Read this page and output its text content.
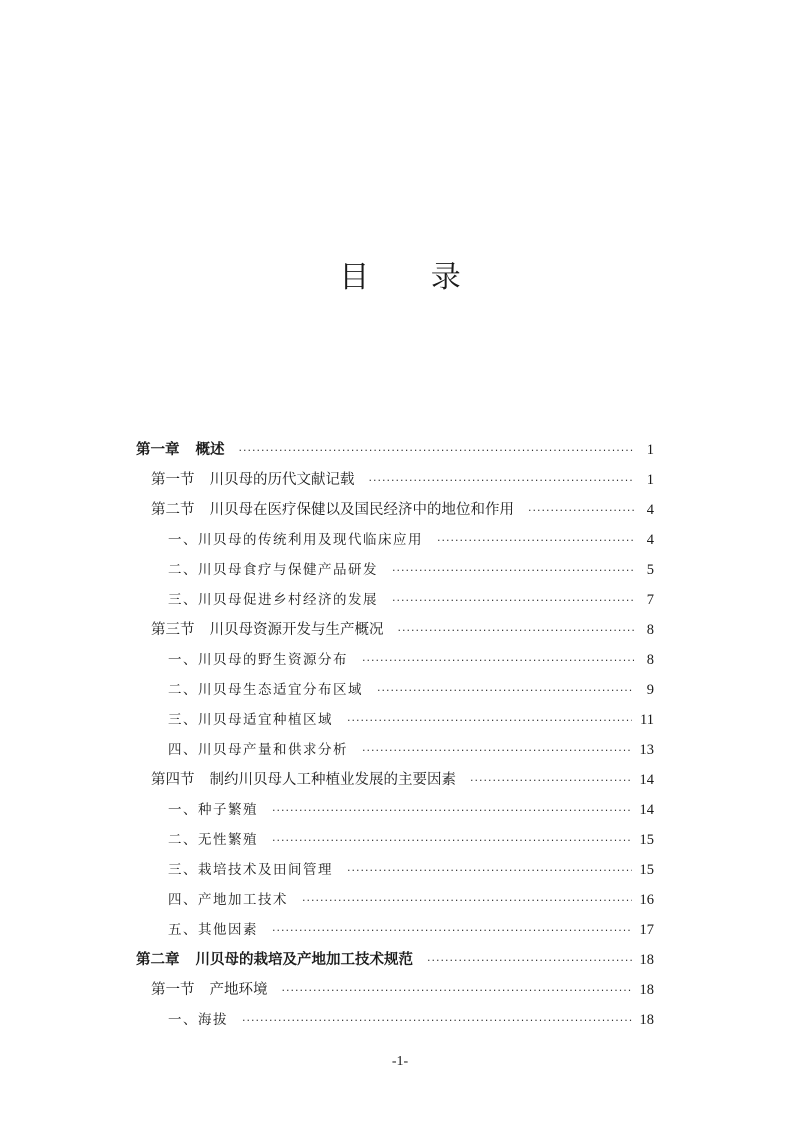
目 录
第一章 概述 ·····	1
第一节 川贝母的历代文献记载 ·····	1
第二节 川贝母在医疗保健以及国民经济中的地位和作用 ·····	4
一、川贝母的传统利用及现代临床应用 ·····	4
二、川贝母食疗与保健产品研发 ·····	5
三、川贝母促进乡村经济的发展 ·····	7
第三节 川贝母资源开发与生产概况 ·····	8
一、川贝母的野生资源分布 ·····	8
二、川贝母生态适宜分布区域 ·····	9
三、川贝母适宜种植区域 ·····	11
四、川贝母产量和供求分析 ·····	13
第四节 制约川贝母人工种植业发展的主要因素 ·····	14
一、种子繁殖 ·····	14
二、无性繁殖 ·····	15
三、栽培技术及田间管理 ·····	15
四、产地加工技术 ·····	16
五、其他因素 ·····	17
第二章 川贝母的栽培及产地加工技术规范 ·····	18
第一节 产地环境 ·····	18
一、海拔 ·····	18
-1-
